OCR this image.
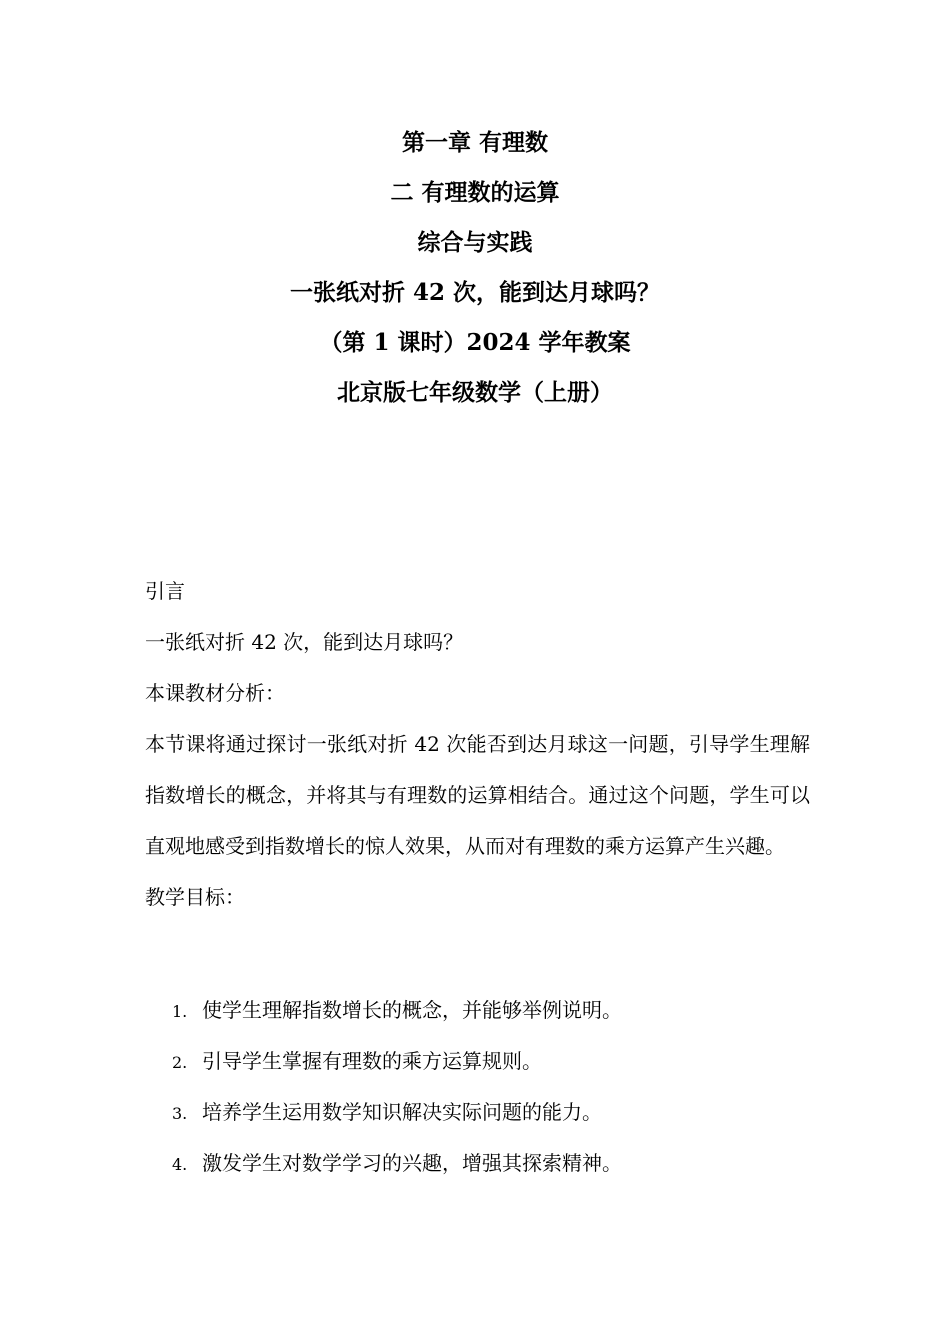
第一章 有理数
二 有理数的运算
综合与实践
一张纸对折 42 次，能到达月球吗？
（第 1 课时）2024 学年教案
北京版七年级数学（上册）

引言

一张纸对折 42 次，能到达月球吗？

本课教材分析：

本节课将通过探讨一张纸对折 42 次能否到达月球这一问题，引导学生理解指数增长的概念，并将其与有理数的运算相结合。通过这个问题，学生可以直观地感受到指数增长的惊人效果，从而对有理数的乘方运算产生兴趣。

教学目标：

1. 使学生理解指数增长的概念，并能够举例说明。
2. 引导学生掌握有理数的乘方运算规则。
3. 培养学生运用数学知识解决实际问题的能力。
4. 激发学生对数学学习的兴趣，增强其探索精神。
